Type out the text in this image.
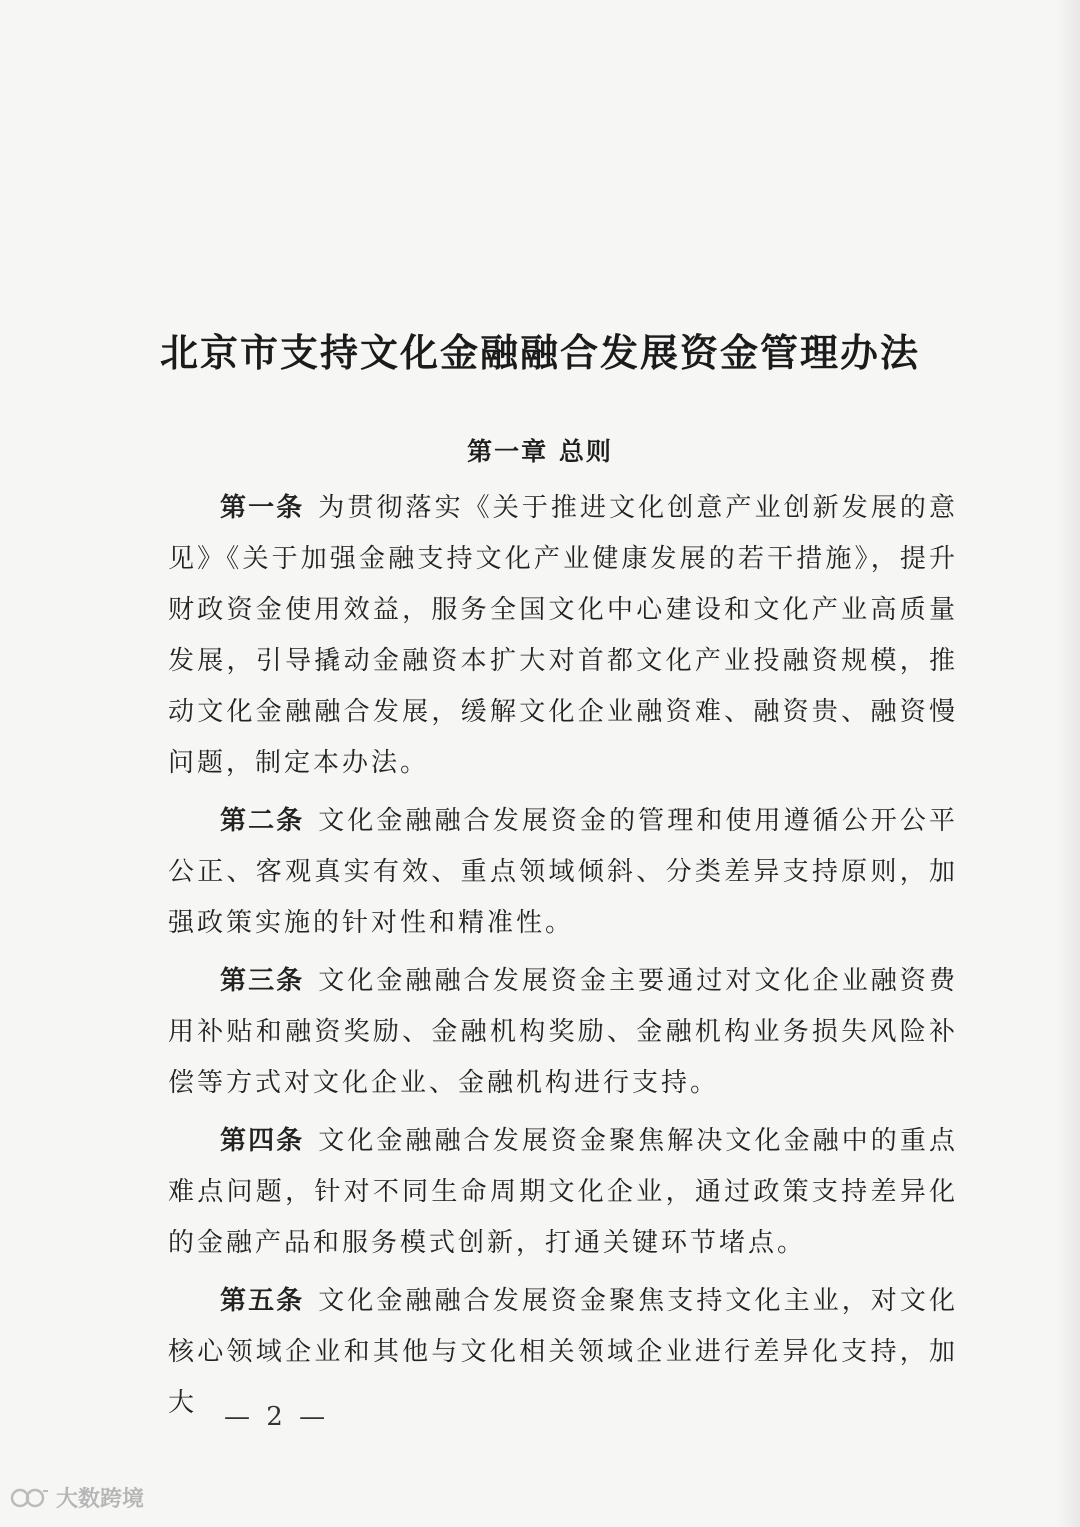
北京市支持文化金融融合发展资金管理办法
第一章 总则

第一条 为贯彻落实《关于推进文化创意产业创新发展的意见》《关于加强金融支持文化产业健康发展的若干措施》，提升财政资金使用效益，服务全国文化中心建设和文化产业高质量发展，引导撬动金融资本扩大对首都文化产业投融资规模，推动文化金融融合发展，缓解文化企业融资难、融资贵、融资慢问题，制定本办法。

第二条 文化金融融合发展资金的管理和使用遵循公开公平公正、客观真实有效、重点领域倾斜、分类差异支持原则，加强政策实施的针对性和精准性。

第三条 文化金融融合发展资金主要通过对文化企业融资费用补贴和融资奖励、金融机构奖励、金融机构业务损失风险补偿等方式对文化企业、金融机构进行支持。

第四条 文化金融融合发展资金聚焦解决文化金融中的重点难点问题，针对不同生命周期文化企业，通过政策支持差异化的金融产品和服务模式创新，打通关键环节堵点。

第五条 文化金融融合发展资金聚焦支持文化主业，对文化核心领域企业和其他与文化相关领域企业进行差异化支持，加大	— 2 —
大数跨境
